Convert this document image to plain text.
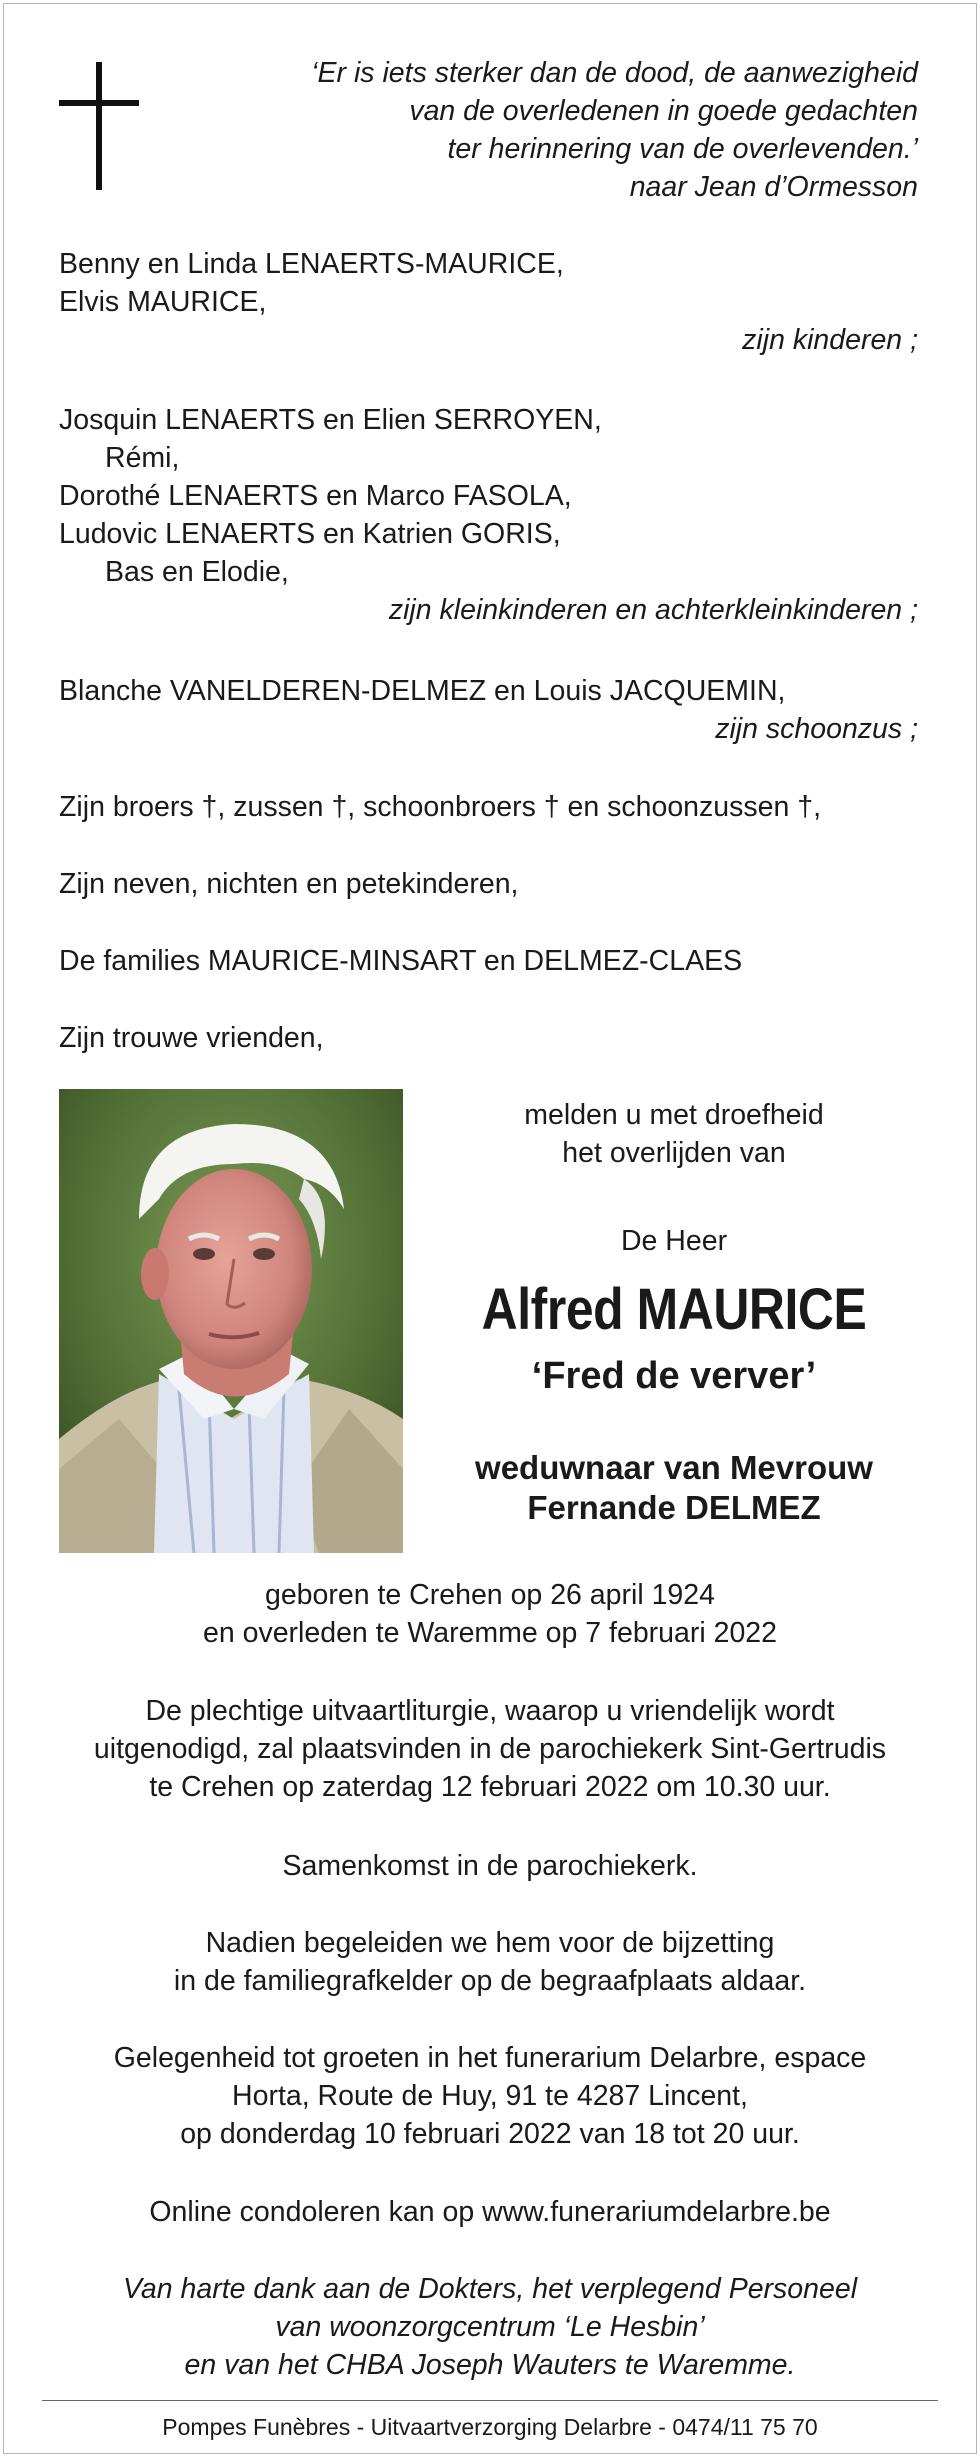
‘Er is iets sterker dan de dood, de aanwezigheid
van de overledenen in goede gedachten
ter herinnering van de overlevenden.’
naar Jean d’Ormesson
Benny en Linda LENAERTS-MAURICE,
Elvis MAURICE,
zijn kinderen ;
Josquin LENAERTS en Elien SERROYEN,
Rémi,
Dorothé LENAERTS en Marco FASOLA,
Ludovic LENAERTS en Katrien GORIS,
Bas en Elodie,
zijn kleinkinderen en achterkleinkinderen ;
Blanche VANELDEREN-DELMEZ en Louis JACQUEMIN,
zijn schoonzus ;
Zijn broers †, zussen †, schoonbroers † en schoonzussen †,
Zijn neven, nichten en petekinderen,
De families MAURICE-MINSART en DELMEZ-CLAES
Zijn trouwe vrienden,
melden u met droefheid
het overlijden van
De Heer
Alfred MAURICE
‘Fred de verver’
weduwnaar van Mevrouw
Fernande DELMEZ
geboren te Crehen op 26 april 1924
en overleden te Waremme op 7 februari 2022
De plechtige uitvaartliturgie, waarop u vriendelijk wordt
uitgenodigd, zal plaatsvinden in de parochiekerk Sint-Gertrudis
te Crehen op zaterdag 12 februari 2022 om 10.30 uur.
Samenkomst in de parochiekerk.
Nadien begeleiden we hem voor de bijzetting
in de familiegrafkelder op de begraafplaats aldaar.
Gelegenheid tot groeten in het funerarium Delarbre, espace
Horta, Route de Huy, 91 te 4287 Lincent,
op donderdag 10 februari 2022 van 18 tot 20 uur.
Online condoleren kan op www.funerariumdelarbre.be
Van harte dank aan de Dokters, het verplegend Personeel
van woonzorgcentrum ‘Le Hesbin’
en van het CHBA Joseph Wauters te Waremme.
Pompes Funèbres - Uitvaartverzorging Delarbre - 0474/11 75 70
